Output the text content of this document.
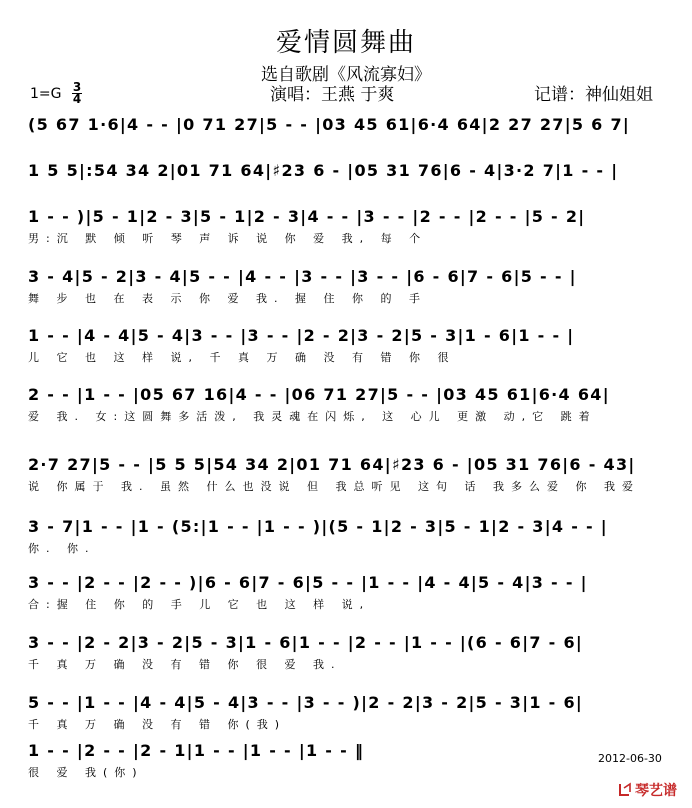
爱情圆舞曲
选自歌剧《风流寡妇》
演唱：王燕 于爽
1=G 3
4	记谱：神仙姐姐
(5 67 1·6|4 - - |0 71 27|5 - - |03 45 61|6·4 64|2 27 27|5 6 7|
1 5 5|:54 34 2|01 71 64|♯23 6 - |05 31 76|6 - 4|3·2 7|1 - - |
1 - - )|5 - 1|2 - 3|5 - 1|2 - 3|4 - - |3 - - |2 - - |2 - - |5 - 2|
男:沉 默 倾 听 琴 声 诉 说 你 爱 我, 每 个
3 - 4|5 - 2|3 - 4|5 - - |4 - - |3 - - |3 - - |6 - 6|7 - 6|5 - - |
舞 步 也 在 表 示 你 爱 我. 握 住 你 的 手
1 - - |4 - 4|5 - 4|3 - - |3 - - |2 - 2|3 - 2|5 - 3|1 - 6|1 - - |
儿 它 也 这 样 说, 千 真 万 确 没 有 错 你 很
2 - - |1 - - |05 67 16|4 - - |06 71 27|5 - - |03 45 61|6·4 64|
爱 我. 女:这圆舞多活泼, 我灵魂在闪烁, 这 心儿 更激 动,它 跳着
2·7 27|5 - - |5 5 5|54 34 2|01 71 64|♯23 6 - |05 31 76|6 - 43|
说 你属于 我. 虽然 什么也没说 但 我总听见 这句 话 我多么爱 你 我爱
3 - 7|1 - - |1 - (5:|1 - - |1 - - )|(5 - 1|2 - 3|5 - 1|2 - 3|4 - - |
你. 你.
3 - - |2 - - |2 - - )|6 - 6|7 - 6|5 - - |1 - - |4 - 4|5 - 4|3 - - |
合:握 住 你 的 手 儿 它 也 这 样 说,
3 - - |2 - 2|3 - 2|5 - 3|1 - 6|1 - - |2 - - |1 - - |(6 - 6|7 - 6|
千 真 万 确 没 有 错 你 很 爱 我.
5 - - |1 - - |4 - 4|5 - 4|3 - - |3 - - )|2 - 2|3 - 2|5 - 3|1 - 6|
千 真 万 确 没 有 错 你(我)
1 - - |2 - - |2 - 1|1 - - |1 - - |1 - - ‖
很 爱 我(你)
2012-06-30
琴艺谱
